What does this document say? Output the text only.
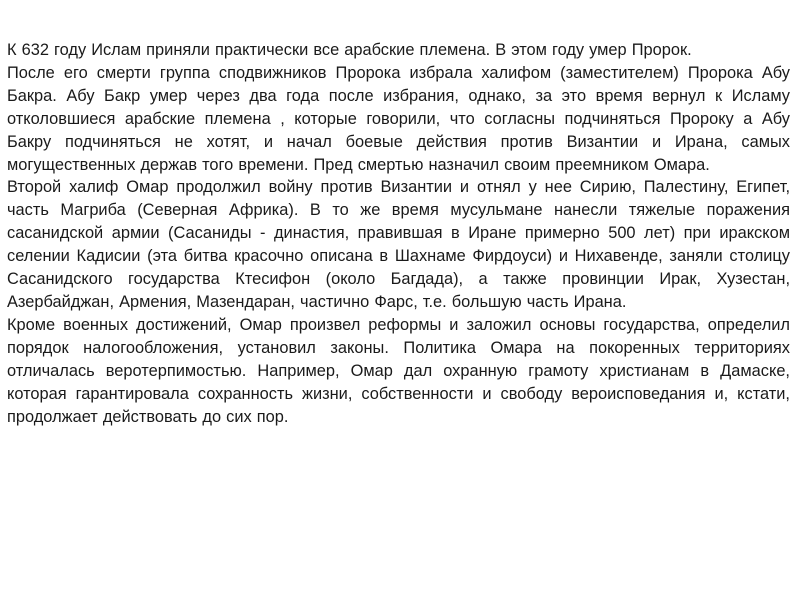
К 632 году Ислам приняли практически все арабские племена. В этом году умер Пророк.

После его смерти группа сподвижников Пророка избрала халифом (заместителем) Пророка Абу Бакра. Абу Бакр умер через два года после избрания, однако, за это время вернул к Исламу отколовшиеся арабские племена , которые говорили, что согласны подчиняться Пророку а Абу Бакру подчиняться не хотят, и начал боевые действия против Византии и Ирана, самых могущественных держав того времени. Пред смертью назначил своим преемником Омара.

Второй халиф Омар продолжил войну против Византии и отнял у нее Сирию, Палестину, Египет, часть Магриба (Северная Африка). В то же время мусульмане нанесли тяжелые поражения сасанидской армии (Сасаниды - династия, правившая в Иране примерно 500 лет) при иракском селении Кадисии (эта битва красочно описана в Шахнаме Фирдоуси) и Нихавенде, заняли столицу Сасанидского государства Ктесифон (около Багдада), а также провинции Ирак, Хузестан, Азербайджан, Армения, Мазендаран, частично Фарс, т.е. большую часть Ирана.

Кроме военных достижений, Омар произвел реформы и заложил основы государства, определил порядок налогообложения, установил законы. Политика Омара на покоренных территориях отличалась веротерпимостью. Например, Омар дал охранную грамоту христианам в Дамаске, которая гарантировала сохранность жизни, собственности и свободу вероисповедания и, кстати, продолжает действовать до сих пор.
